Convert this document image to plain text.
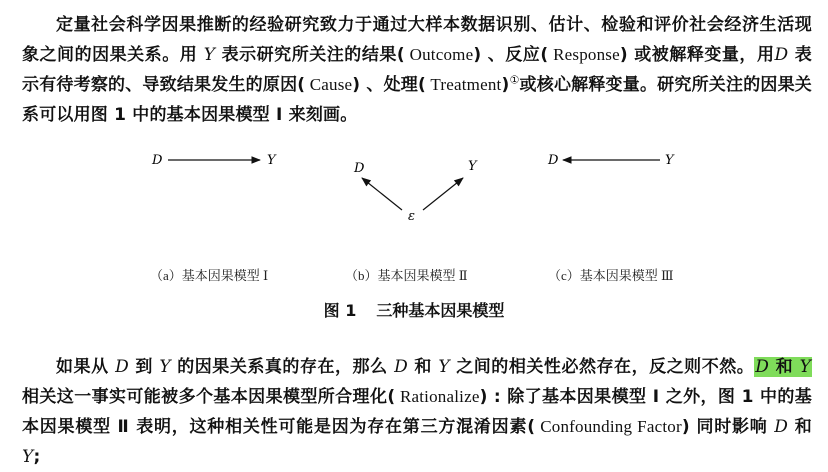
定量社会科学因果推断的经验研究致力于通过大样本数据识别、估计、检验和评价社会经济生活现象之间的因果关系。用 Y 表示研究所关注的结果( Outcome) 、反应( Response) 或被解释变量，用D 表示有待考察的、导致结果发生的原因( Cause) 、处理( Treatment)①或核心解释变量。研究所关注的因果关系可以用图 1 中的基本因果模型 Ⅰ 来刻画。
D	Y
D	Y
ε
D	Y
（a）基本因果模型 Ⅰ	（b）基本因果模型 Ⅱ	（c）基本因果模型 Ⅲ
图 1 三种基本因果模型
如果从 D 到 Y 的因果关系真的存在，那么 D 和 Y 之间的相关性必然存在，反之则不然。D 和 Y 相关这一事实可能被多个基本因果模型所合理化( Rationalize) : 除了基本因果模型 Ⅰ 之外，图 1 中的基本因果模型 Ⅱ 表明，这种相关性可能是因为存在第三方混淆因素( Confounding Factor) 同时影响 D 和 Y;
